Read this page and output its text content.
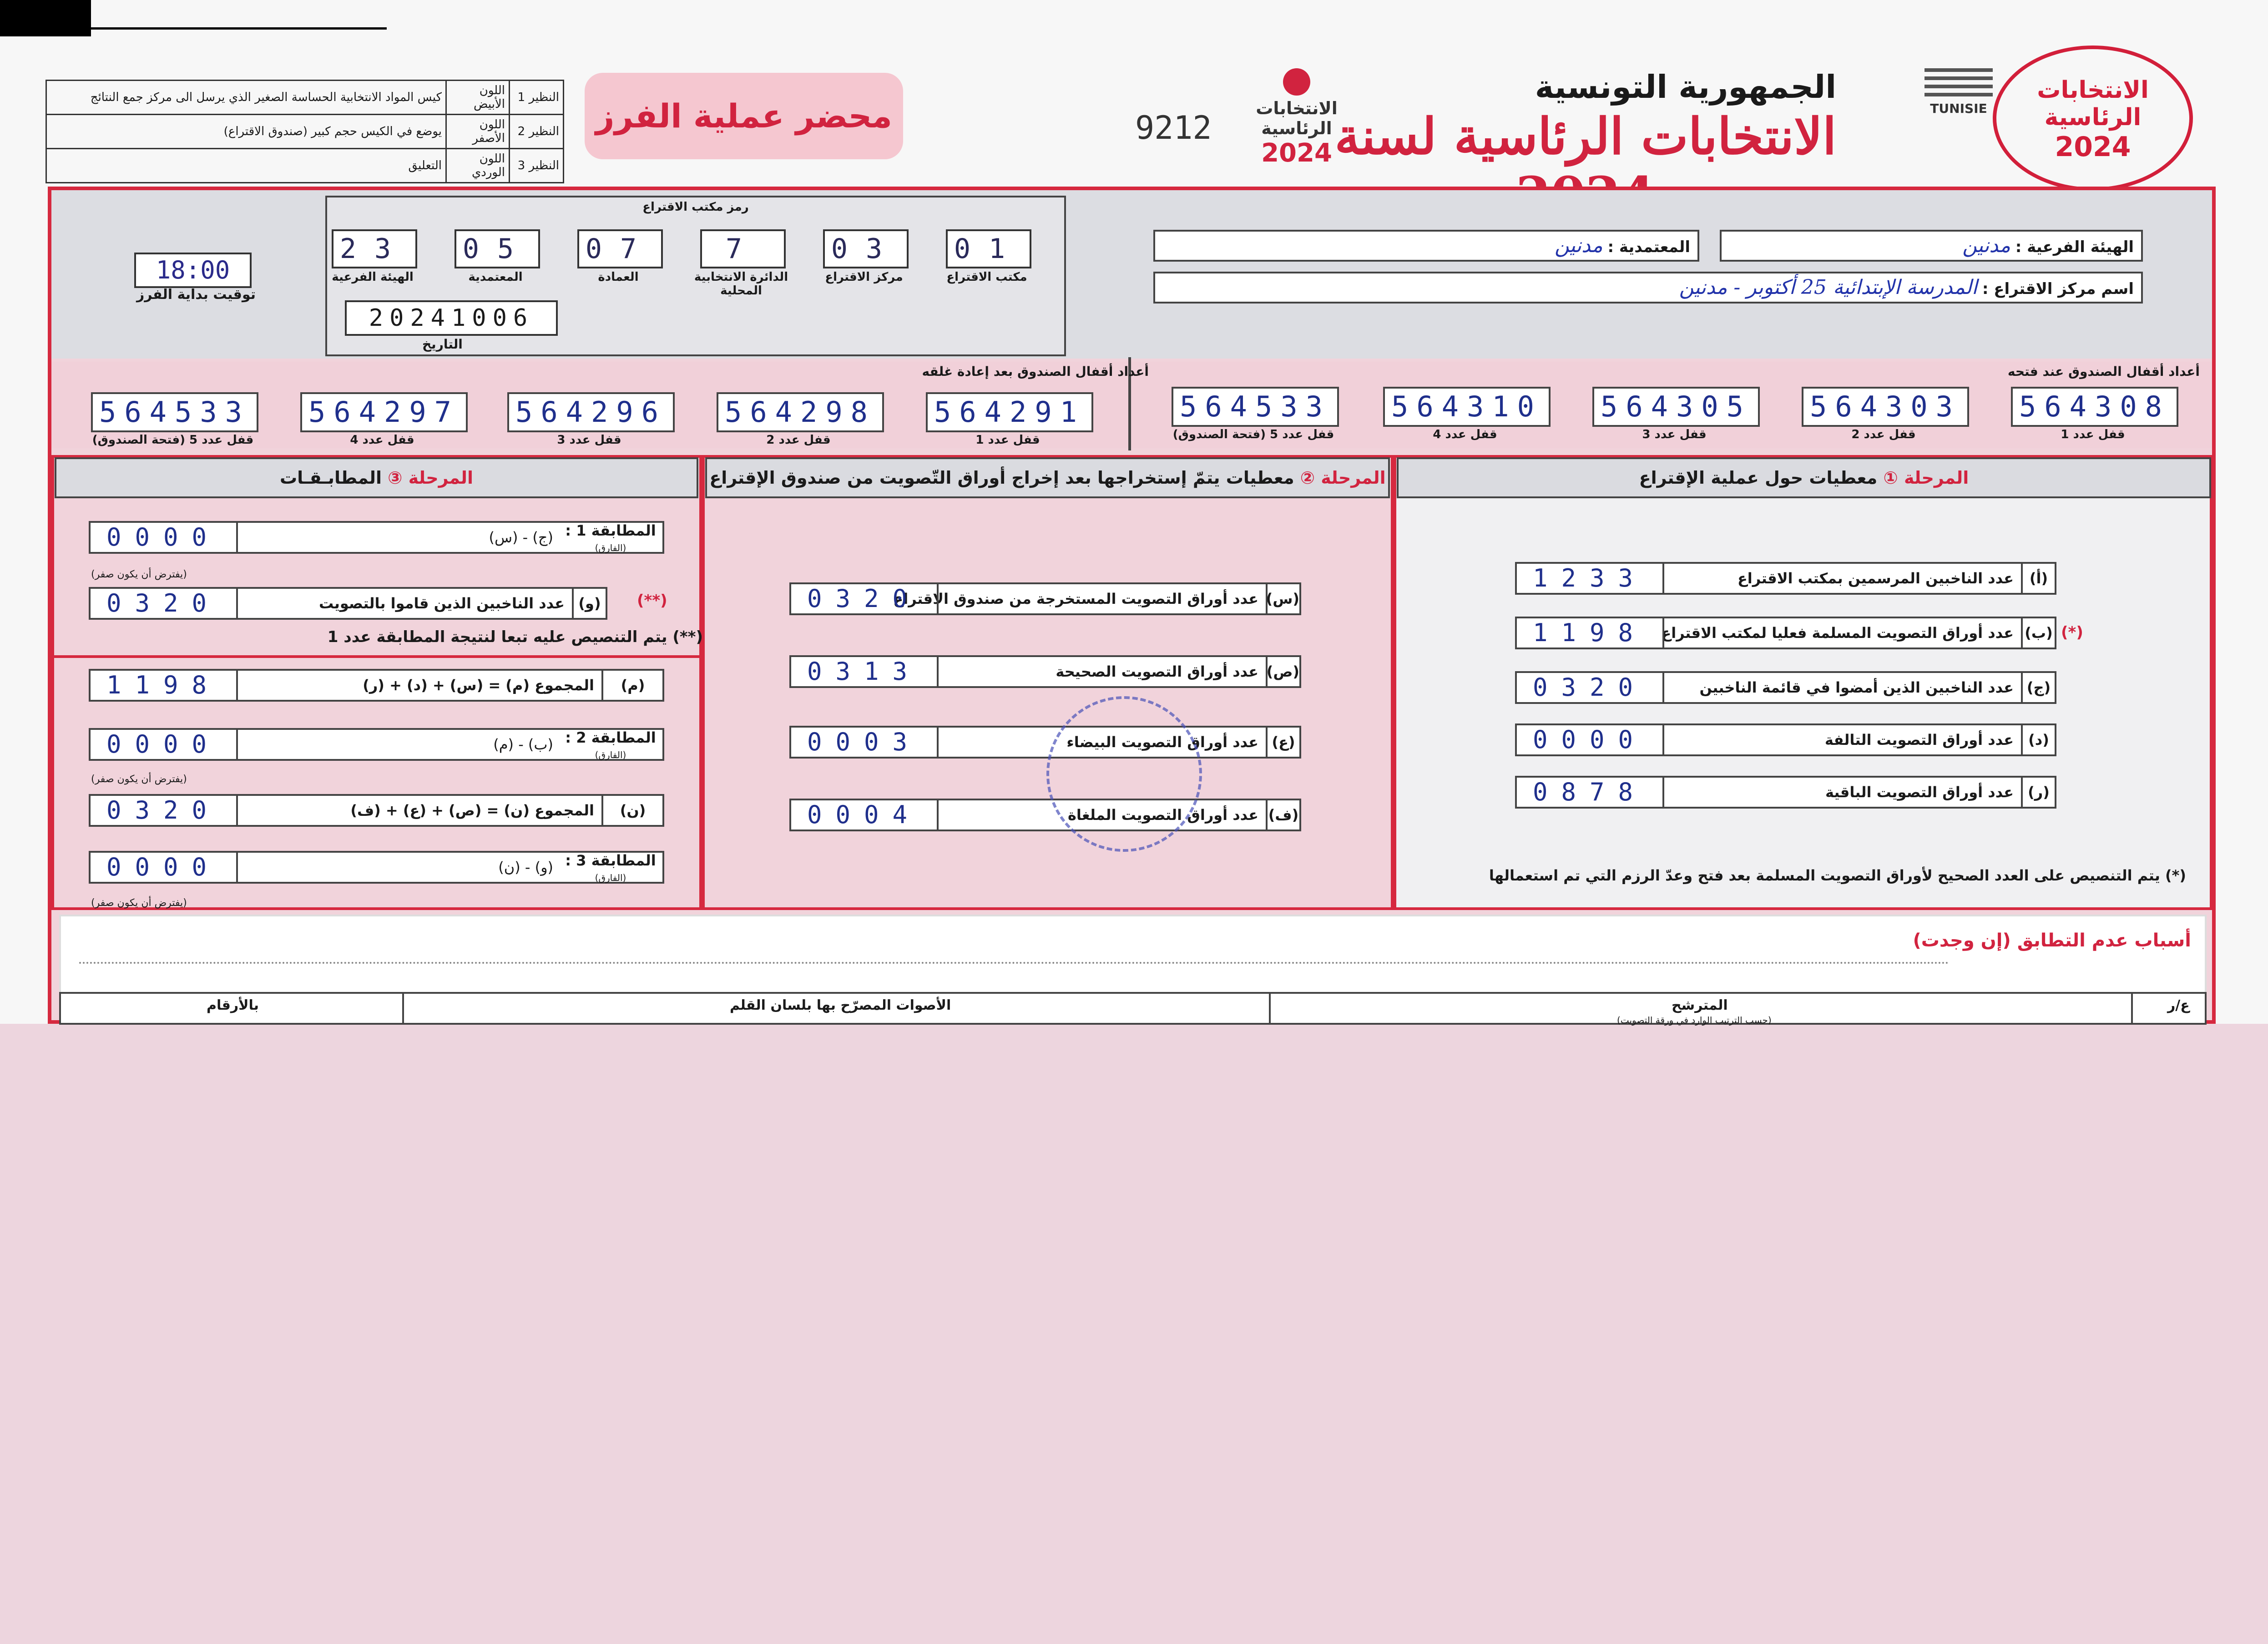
الجمهورية التونسية
الانتخابات الرئاسية لسنة
9212
الانتخابات الرئاسية
2024
TUNISIE
الانتخابات الرئاسية
2024
محضر عملية الفرز
كيس المواد الانتخابية الحساسة الصغير الذي يرسل الى مركز جمع النتائج	اللون الأبيض	النظير 1
يوضع في الكيس حجم كبير (صندوق الاقتراع)	اللون الأصفر	النظير 2
التعليق	اللون الوردي	النظير 3
18:00
توقيت بداية الفرز
رمز مكتب الاقتراع
23 05 07	7	03 01
الهيئة الفرعية	المعتمدية	العمادة	الدائرة الانتخابية المحلية
مركز الاقتراع	مكتب الاقتراع
20241006
التاريخ
الهيئة الفرعية : مدنين
المعتمدية : مدنين
اسم مركز الاقتراع : المدرسة الإبتدائية 25 أكتوبر - مدنين
أعداد أقفال الصندوق بعد إعادة غلقه	أعداد أقفال الصندوق عند فتحه
564533 564310 564305 564303 564308
قفل عدد 5 (فتحة الصندوق)	قفل عدد 4	قفل عدد 3	قفل عدد 2	قفل عدد 1
564533 564297 564296 564298 564291
قفل عدد 5 (فتحة الصندوق)	قفل عدد 4	قفل عدد 3	قفل عدد 2	قفل عدد 1
المرحلة ① معطيات حول عملية الإقتراع
المرحلة ② معطيات يتمّ إستخراجها بعد إخراج أوراق التّصويت من صندوق الإقتراع
المرحلة ③ المطابـقـات
(أ)
عدد الناخبين المرسمين بمكتب الاقتراع
1233
(ب)
عدد أوراق التصويت المسلمة فعليا لمكتب الاقتراع
1198	(*)
(ج)
عدد الناخبين الذين أمضوا في قائمة الناخبين
0320
(د)
عدد أوراق التصويت التالفة
0000
(ر)
عدد أوراق التصويت الباقية
0878
(*) يتم التنصيص على العدد الصحيح لأوراق التصويت المسلمة بعد فتح وعدّ الرزم التي تم استعمالها
(س)
عدد أوراق التصويت المستخرجة من صندوق الاقتراع
0320
(ص)
عدد أوراق التصويت الصحيحة
0313
(ع)
عدد أوراق التصويت البيضاء
0003
(ف)
عدد أوراق التصويت الملغاة
0004
المطابقة 1 :
(الفارق)
(ج) - (س)
0000
(يفترض أن يكون صفر)
(و)
عدد الناخبين الذين قاموا بالتصويت
0320	(**)
(**) يتم التنصيص عليه تبعا لنتيجة المطابقة عدد 1
(م)
المجموع (م) = (س) + (د) + (ر)
1198
المطابقة 2 :
(الفارق)
(ب) - (م)
0000
(يفترض أن يكون صفر)
(ن)
المجموع (ن) = (ص) + (ع) + (ف)
0320
المطابقة 3 :
(الفارق)
(و) - (ن)
0000
(يفترض أن يكون صفر)
أسباب عدم التطابق (إن وجدت)
بالأرقام	الأصوات المصرّح بها بلسان القلم	المترشح
(حسب الترتيب الوارد في ورقة التصويت)
ع/ر
